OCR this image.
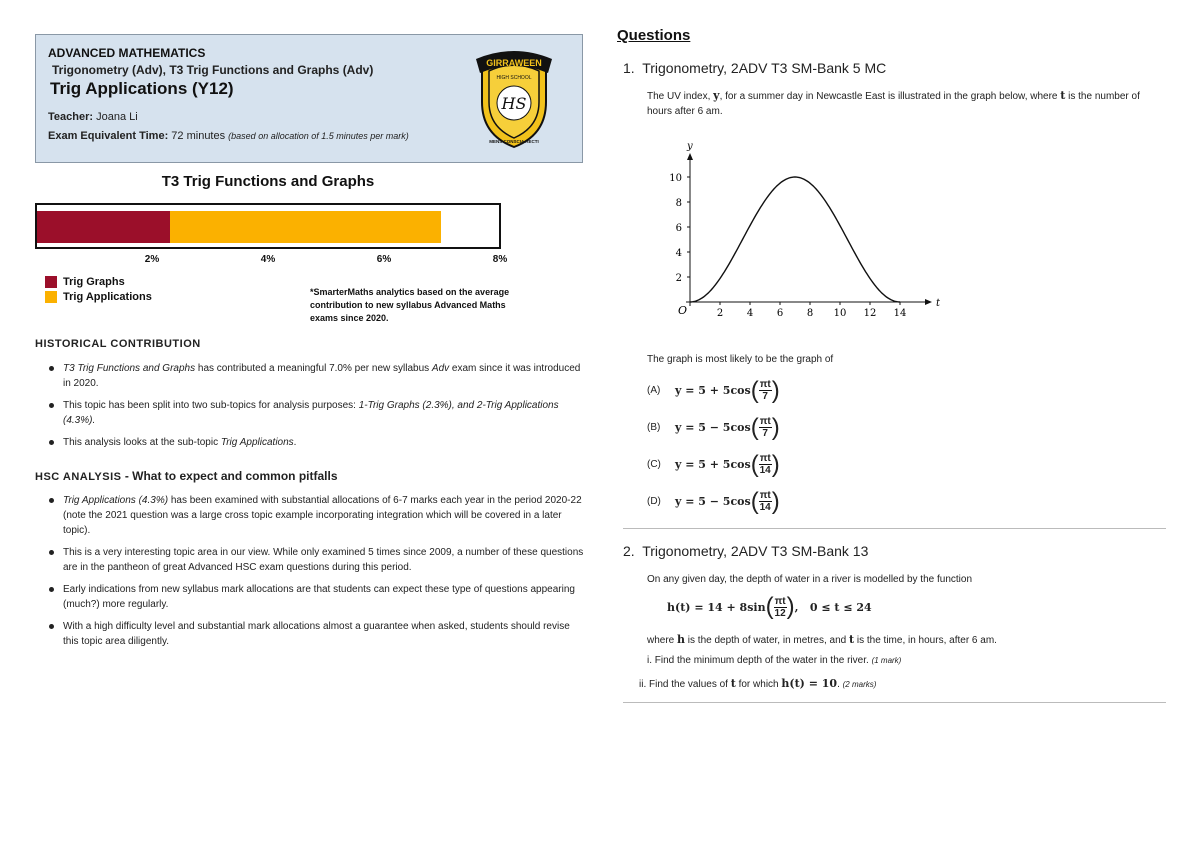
ADVANCED MATHEMATICS
Trigonometry (Adv), T3 Trig Functions and Graphs (Adv)
Trig Applications (Y12)
Teacher: Joana Li
Exam Equivalent Time: 72 minutes (based on allocation of 1.5 minutes per mark)
GIRRAWEEN
HIGH SCHOOL
HS
MENS CONSCIA RECTI
T3 Trig Functions and Graphs
2%	4%	6%	8%
Trig Graphs
Trig Applications	*SmarterMaths analytics based on the average contribution to new syllabus Advanced Maths exams since 2020.
HISTORICAL CONTRIBUTION
T3 Trig Functions and Graphs has contributed a meaningful 7.0% per new syllabus Adv exam since it was introduced in 2020.
This topic has been split into two sub-topics for analysis purposes: 1-Trig Graphs (2.3%), and 2-Trig Applications (4.3%).
This analysis looks at the sub-topic Trig Applications.
HSC ANALYSIS - What to expect and common pitfalls
Trig Applications (4.3%) has been examined with substantial allocations of 6-7 marks each year in the period 2020-22 (note the 2021 question was a large cross topic example incorporating integration which will be covered in a later topic).
This is a very interesting topic area in our view. While only examined 5 times since 2009, a number of these questions are in the pantheon of great Advanced HSC exam questions during this period.
Early indications from new syllabus mark allocations are that students can expect these type of questions appearing (much?) more regularly.
With a high difficulty level and substantial mark allocations almost a guarantee when asked, students should revise this topic area diligently.
Questions
1. Trigonometry, 2ADV T3 SM-Bank 5 MC
The UV index, y, for a summer day in Newcastle East is illustrated in the graph below, where t is the number of hours after 6 am.
t
y
O	2 4 6 8 10 12 14
2
4
6
8
10
The graph is most likely to be the graph of
(A)	y = 5 + 5cos ( $\frac{\pi t}{7}$ )
(B)	y = 5 − 5cos ( $\frac{\pi t}{7}$ )
(C)	y = 5 + 5cos ( $\frac{\pi t}{14}$ )
(D)	y = 5 − 5cos ( $\frac{\pi t}{14}$ )
2. Trigonometry, 2ADV T3 SM-Bank 13
On any given day, the depth of water in a river is modelled by the function
h(t) = 14 + 8sin ( $\frac{\pi t}{12}$ ) ,   0 ≤ t ≤ 24
where h is the depth of water, in metres, and t is the time, in hours, after 6 am.
i. Find the minimum depth of the water in the river. (1 mark)
ii. Find the values of t for which h(t) = 10. (2 marks)
